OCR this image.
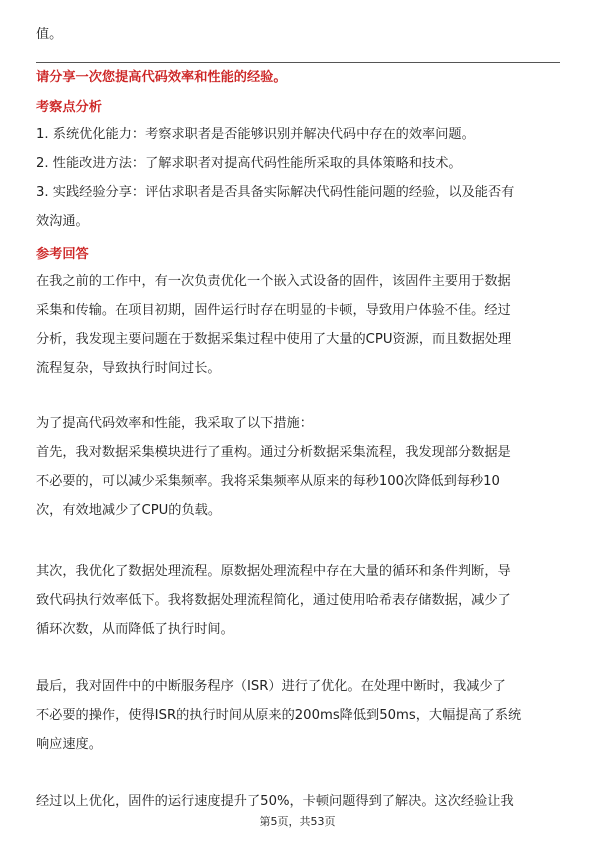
值。
请分享一次您提高代码效率和性能的经验。
考察点分析
1. 系统优化能力：考察求职者是否能够识别并解决代码中存在的效率问题。
2. 性能改进方法：了解求职者对提高代码性能所采取的具体策略和技术。
3. 实践经验分享：评估求职者是否具备实际解决代码性能问题的经验，以及能否有
效沟通。
参考回答
在我之前的工作中，有一次负责优化一个嵌入式设备的固件，该固件主要用于数据
采集和传输。在项目初期，固件运行时存在明显的卡顿，导致用户体验不佳。经过
分析，我发现主要问题在于数据采集过程中使用了大量的CPU资源，而且数据处理
流程复杂，导致执行时间过长。
为了提高代码效率和性能，我采取了以下措施：
首先，我对数据采集模块进行了重构。通过分析数据采集流程，我发现部分数据是
不必要的，可以减少采集频率。我将采集频率从原来的每秒100次降低到每秒10
次，有效地减少了CPU的负载。
其次，我优化了数据处理流程。原数据处理流程中存在大量的循环和条件判断，导
致代码执行效率低下。我将数据处理流程简化，通过使用哈希表存储数据，减少了
循环次数，从而降低了执行时间。
最后，我对固件中的中断服务程序（ISR）进行了优化。在处理中断时，我减少了
不必要的操作，使得ISR的执行时间从原来的200ms降低到50ms，大幅提高了系统
响应速度。
经过以上优化，固件的运行速度提升了50%，卡顿问题得到了解决。这次经验让我
第5页，共53页
